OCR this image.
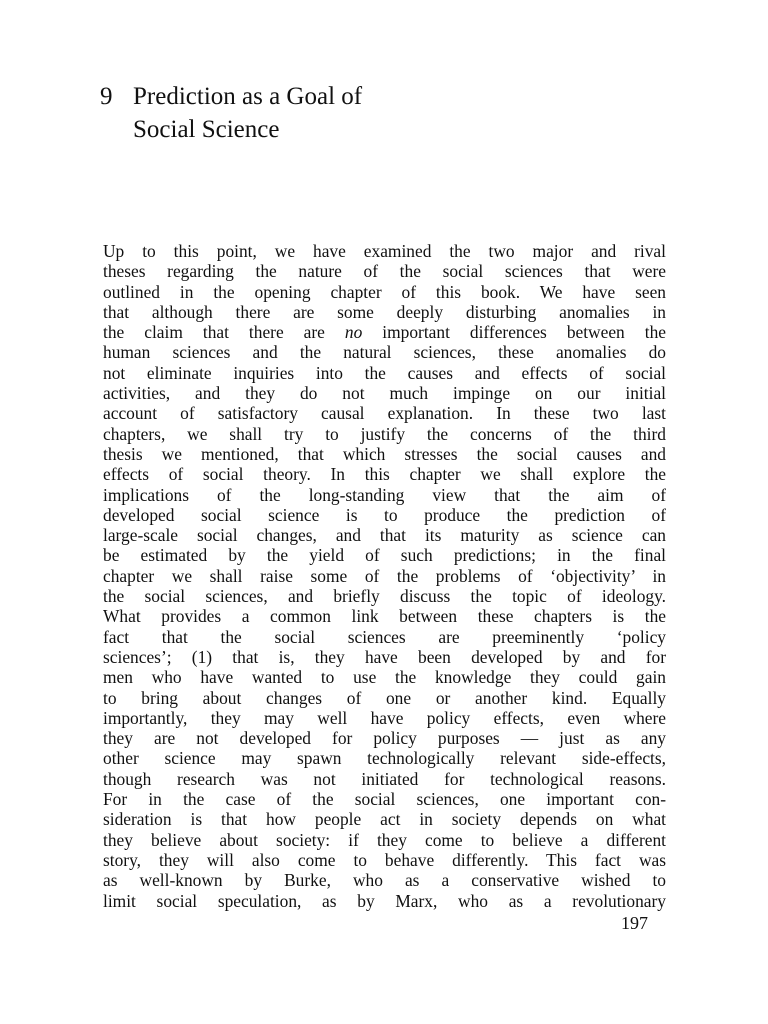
9 Prediction as a Goal of
Social Science
Up to this point, we have examined the two major and rival
theses regarding the nature of the social sciences that were
outlined in the opening chapter of this book. We have seen
that although there are some deeply disturbing anomalies in
the claim that there are no important differences between the
human sciences and the natural sciences, these anomalies do
not eliminate inquiries into the causes and effects of social
activities, and they do not much impinge on our initial
account of satisfactory causal explanation. In these two last
chapters, we shall try to justify the concerns of the third
thesis we mentioned, that which stresses the social causes and
effects of social theory. In this chapter we shall explore the
implications of the long-standing view that the aim of
developed social science is to produce the prediction of
large-scale social changes, and that its maturity as science can
be estimated by the yield of such predictions; in the final
chapter we shall raise some of the problems of ‘objectivity’ in
the social sciences, and briefly discuss the topic of ideology.
What provides a common link between these chapters is the
fact that the social sciences are preeminently ‘policy
sciences’; (1) that is, they have been developed by and for
men who have wanted to use the knowledge they could gain
to bring about changes of one or another kind. Equally
importantly, they may well have policy effects, even where
they are not developed for policy purposes — just as any
other science may spawn technologically relevant side-effects,
though research was not initiated for technological reasons.
For in the case of the social sciences, one important con-
sideration is that how people act in society depends on what
they believe about society: if they come to believe a different
story, they will also come to behave differently. This fact was
as well-known by Burke, who as a conservative wished to
limit social speculation, as by Marx, who as a revolutionary
197
